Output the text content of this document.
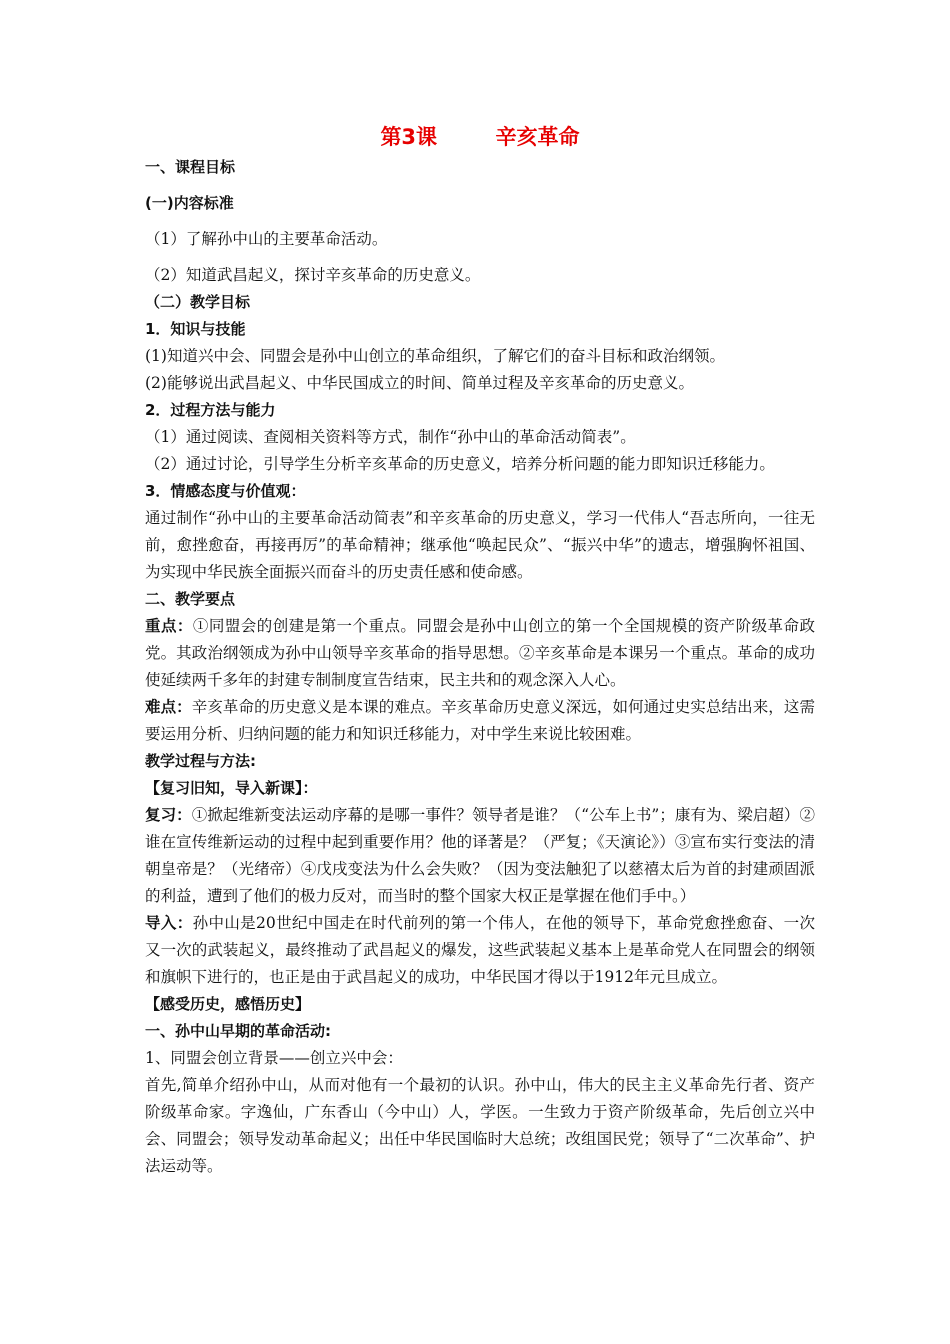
第3课        辛亥革命

一、课程目标

(一)内容标准

（1）了解孙中山的主要革命活动。

（2）知道武昌起义，探讨辛亥革命的历史意义。

（二）教学目标

1．知识与技能

(1)知道兴中会、同盟会是孙中山创立的革命组织，了解它们的奋斗目标和政治纲领。

(2)能够说出武昌起义、中华民国成立的时间、简单过程及辛亥革命的历史意义。

2．过程方法与能力

（1）通过阅读、查阅相关资料等方式，制作“孙中山的革命活动简表”。

（2）通过讨论，引导学生分析辛亥革命的历史意义，培养分析问题的能力即知识迁移能力。

3．情感态度与价值观：

通过制作“孙中山的主要革命活动简表”和辛亥革命的历史意义，学习一代伟人“吾志所向，一往无前，愈挫愈奋，再接再厉”的革命精神；继承他“唤起民众”、“振兴中华”的遗志，增强胸怀祖国、为实现中华民族全面振兴而奋斗的历史责任感和使命感。

二、教学要点

重点：①同盟会的创建是第一个重点。同盟会是孙中山创立的第一个全国规模的资产阶级革命政党。其政治纲领成为孙中山领导辛亥革命的指导思想。②辛亥革命是本课另一个重点。革命的成功使延续两千多年的封建专制制度宣告结束，民主共和的观念深入人心。

难点：辛亥革命的历史意义是本课的难点。辛亥革命历史意义深远，如何通过史实总结出来，这需要运用分析、归纳问题的能力和知识迁移能力，对中学生来说比较困难。

教学过程与方法:

【复习旧知，导入新课】：

复习：①掀起维新变法运动序幕的是哪一事件？领导者是谁？（“公车上书”；康有为、梁启超）②谁在宣传维新运动的过程中起到重要作用？他的译著是？（严复；《天演论》）③宣布实行变法的清朝皇帝是？（光绪帝）④戊戌变法为什么会失败？（因为变法触犯了以慈禧太后为首的封建顽固派的利益，遭到了他们的极力反对，而当时的整个国家大权正是掌握在他们手中。）

导入：孙中山是20世纪中国走在时代前列的第一个伟人，在他的领导下，革命党愈挫愈奋、一次又一次的武装起义，最终推动了武昌起义的爆发，这些武装起义基本上是革命党人在同盟会的纲领和旗帜下进行的，也正是由于武昌起义的成功，中华民国才得以于1912年元旦成立。

【感受历史，感悟历史】

一、孙中山早期的革命活动:

1、同盟会创立背景——创立兴中会：

首先,简单介绍孙中山，从而对他有一个最初的认识。孙中山，伟大的民主主义革命先行者、资产阶级革命家。字逸仙，广东香山（今中山）人，学医。一生致力于资产阶级革命，先后创立兴中会、同盟会；领导发动革命起义；出任中华民国临时大总统；改组国民党；领导了“二次革命”、护法运动等。
